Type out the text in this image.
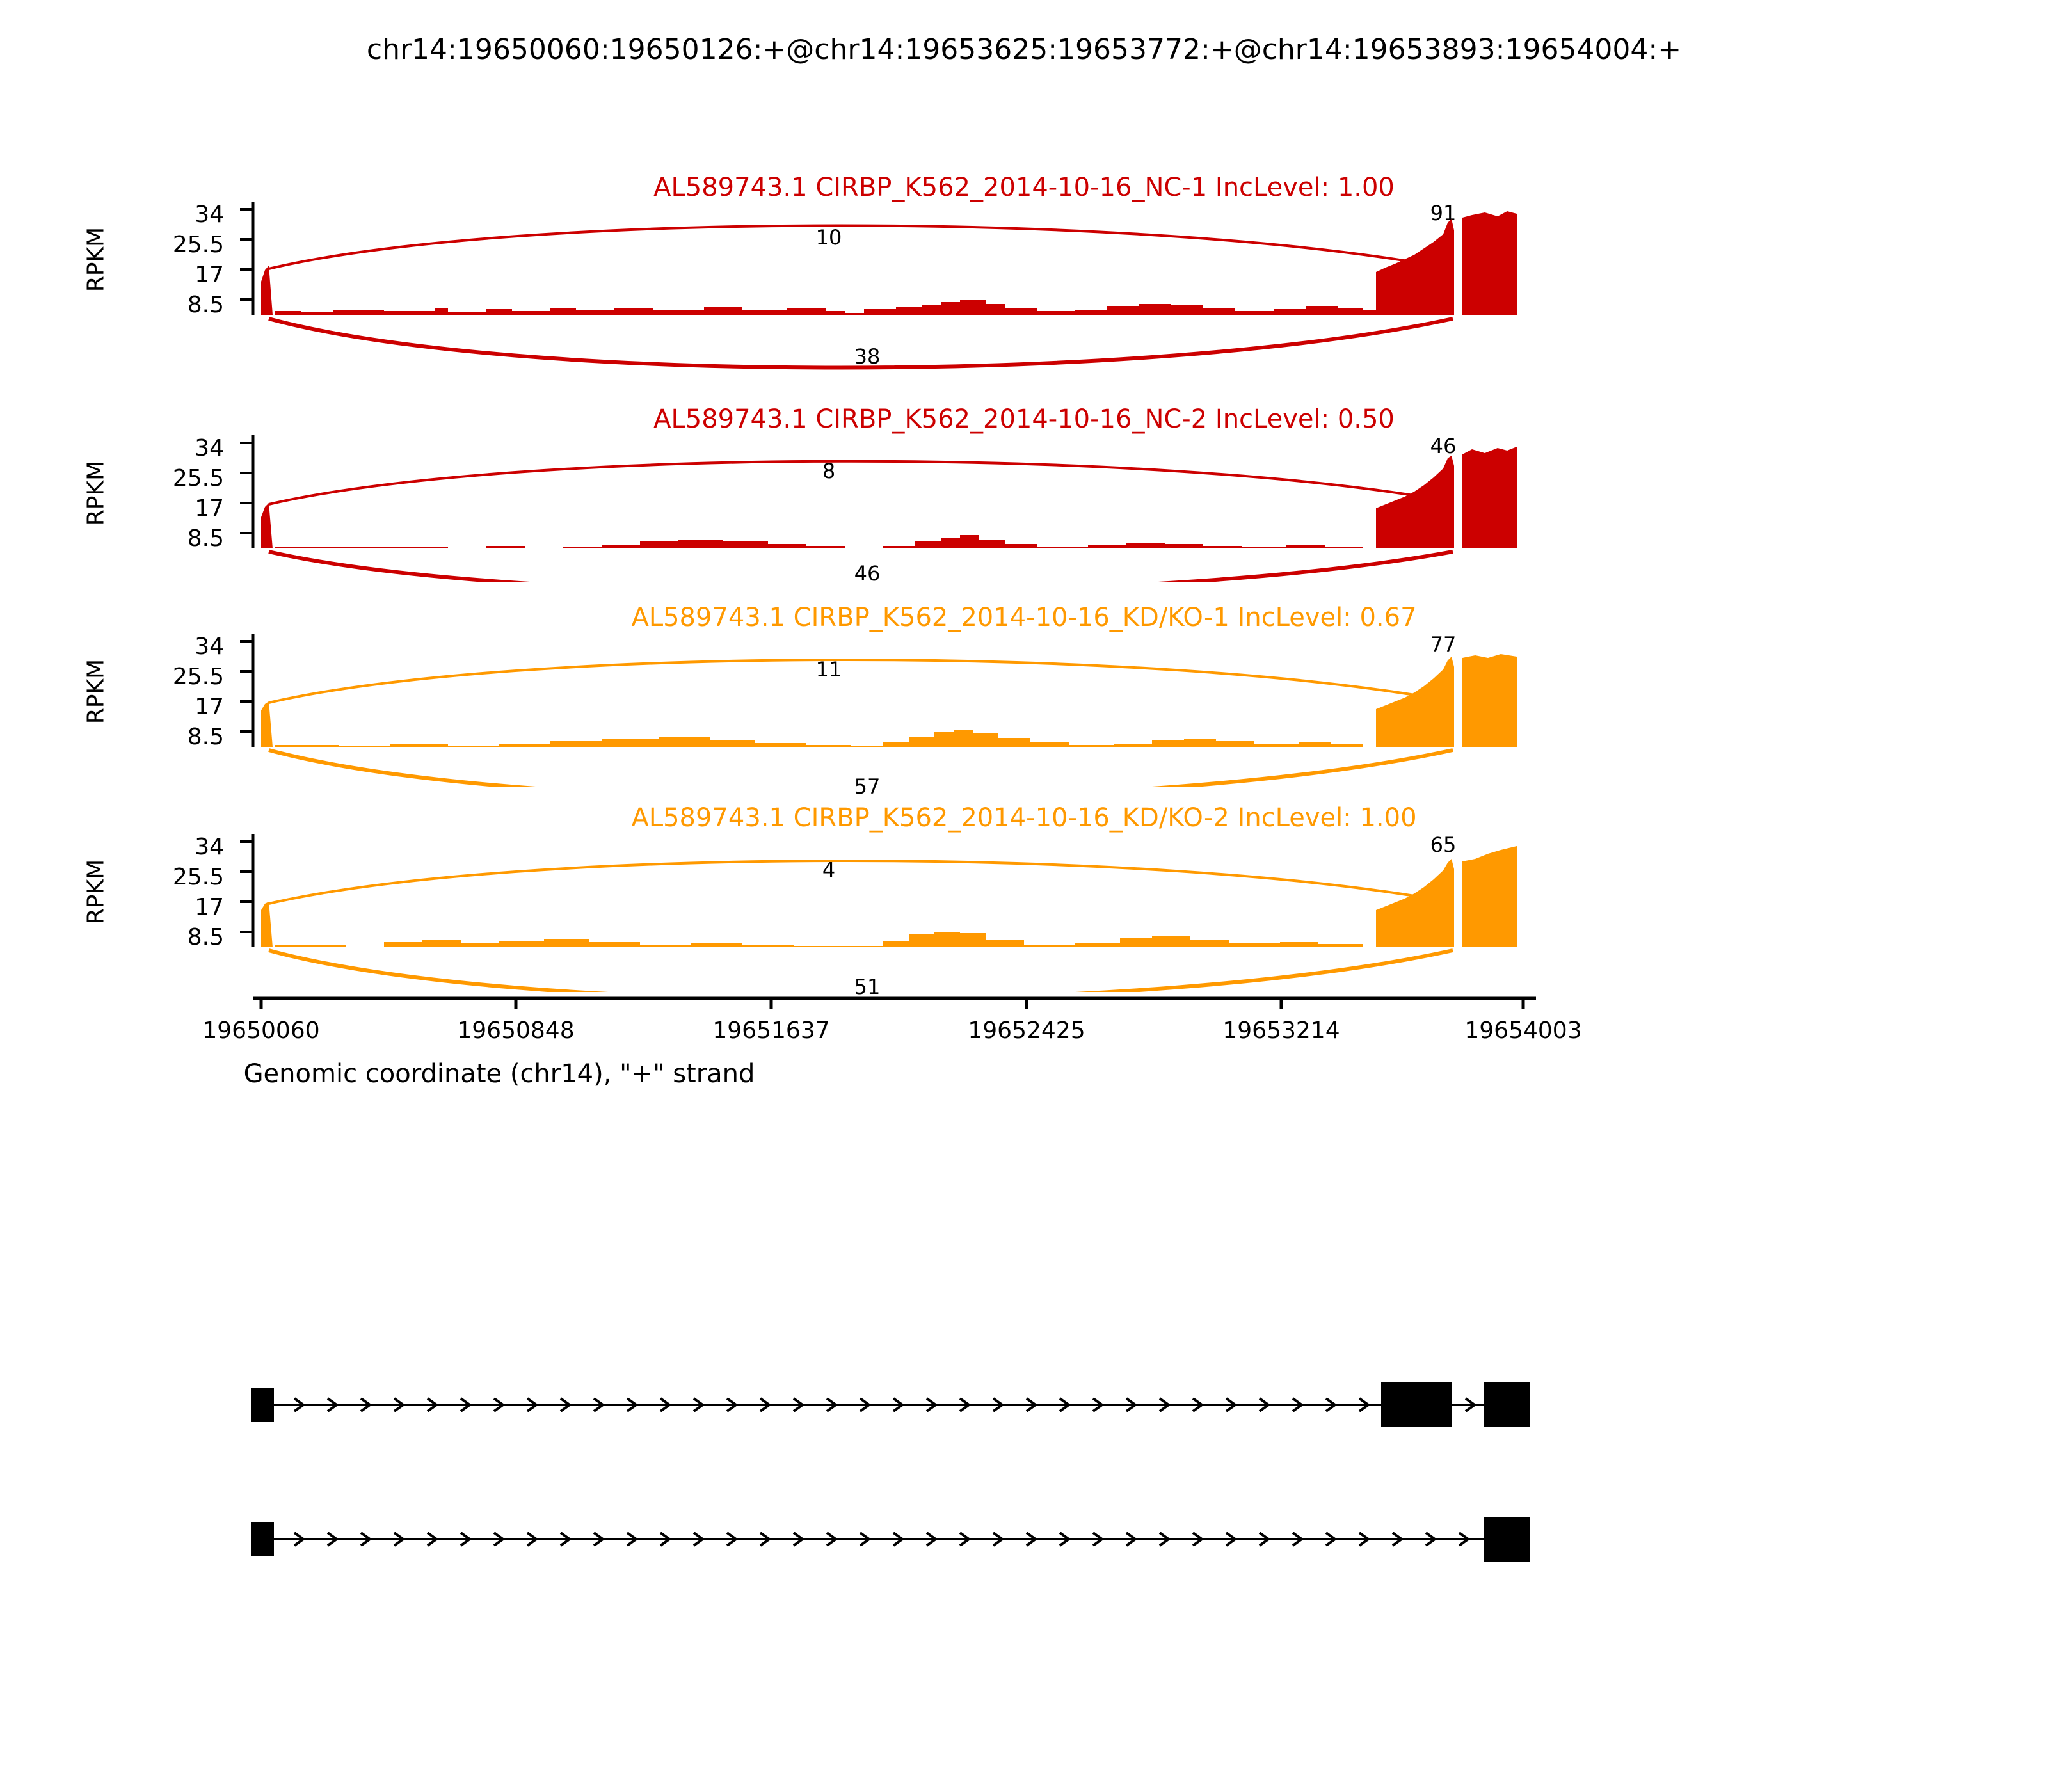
chr14:19650060:19650126:+@chr14:19653625:19653772:+@chr14:19653893:19654004:+
AL589743.1 CIRBP_K562_2014-10-16_NC-1 IncLevel: 1.00
RPKM
34
25.5
17
8.5
91
10
38
AL589743.1 CIRBP_K562_2014-10-16_NC-2 IncLevel: 0.50
RPKM
34
25.5
17
8.5
46
8
46
AL589743.1 CIRBP_K562_2014-10-16_KD/KO-1 IncLevel: 0.67
RPKM
34
25.5
17
8.5
77
11
57
AL589743.1 CIRBP_K562_2014-10-16_KD/KO-2 IncLevel: 1.00
RPKM
34
25.5
17
8.5
65
4
51
19650060	19650848	19651637	19652425	19653214	19654003
Genomic coordinate (chr14), "+" strand
